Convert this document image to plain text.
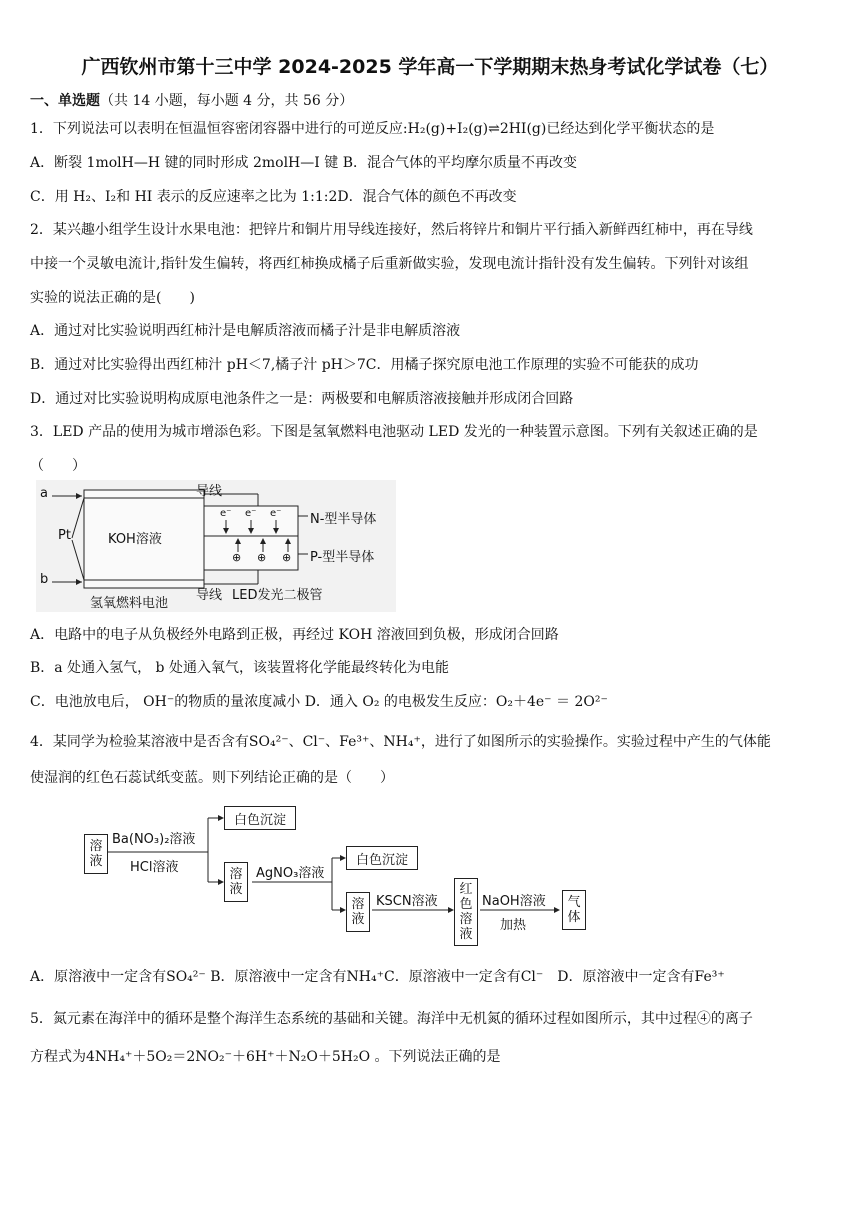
广西钦州市第十三中学 2024-2025 学年高一下学期期末热身考试化学试卷（七）
一、单选题（共 14 小题，每小题 4 分，共 56 分）
1．下列说法可以表明在恒温恒容密闭容器中进行的可逆反应:H₂(g)+I₂(g)⇌2HI(g)已经达到化学平衡状态的是
A．断裂 1molH—H 键的同时形成 2molH—I 键 B．混合气体的平均摩尔质量不再改变
C．用 H₂、I₂和 HI 表示的反应速率之比为 1:1:2D．混合气体的颜色不再改变
2．某兴趣小组学生设计水果电池：把锌片和铜片用导线连接好，然后将锌片和铜片平行插入新鲜西红柿中，再在导线
中接一个灵敏电流计,指针发生偏转，将西红柿换成橘子后重新做实验，发现电流计指针没有发生偏转。下列针对该组
实验的说法正确的是(　　)
A．通过对比实验说明西红柿汁是电解质溶液而橘子汁是非电解质溶液
B．通过对比实验得出西红柿汁 pH＜7,橘子汁 pH＞7C．用橘子探究原电池工作原理的实验不可能获的成功
D．通过对比实验说明构成原电池条件之一是：两极要和电解质溶液接触并形成闭合回路
3．LED 产品的使用为城市增添色彩。下图是氢氧燃料电池驱动 LED 发光的一种装置示意图。下列有关叙述正确的是
（　　）
a
b
Pt	KOH溶液
导线
导线
e⁻ e⁻ e⁻
⊕ ⊕ ⊕
N-型半导体
P-型半导体
氢氧燃料电池
LED发光二极管
A．电路中的电子从负极经外电路到正极，再经过 KOH 溶液回到负极，形成闭合回路
B．a 处通入氢气， b 处通入氧气，该装置将化学能最终转化为电能
C．电池放电后， OH⁻的物质的量浓度减小 D．通入 O₂ 的电极发生反应：O₂＋4e⁻ ＝ 2O²⁻
4．某同学为检验某溶液中是否含有SO₄²⁻、Cl⁻、Fe³⁺、NH₄⁺，进行了如图所示的实验操作。实验过程中产生的气体能
使湿润的红色石蕊试纸变蓝。则下列结论正确的是（　　）
溶液
Ba(NO₃)₂溶液
HCl溶液
白色沉淀
溶液
AgNO₃溶液
白色沉淀
溶液
KSCN溶液
红色溶液
NaOH溶液
加热
气体
A．原溶液中一定含有SO₄²⁻ B．原溶液中一定含有NH₄⁺C．原溶液中一定含有Cl⁻　D．原溶液中一定含有Fe³⁺
5．氮元素在海洋中的循环是整个海洋生态系统的基础和关键。海洋中无机氮的循环过程如图所示，其中过程④的离子
方程式为4NH₄⁺＋5O₂＝2NO₂⁻＋6H⁺＋N₂O＋5H₂O 。下列说法正确的是
